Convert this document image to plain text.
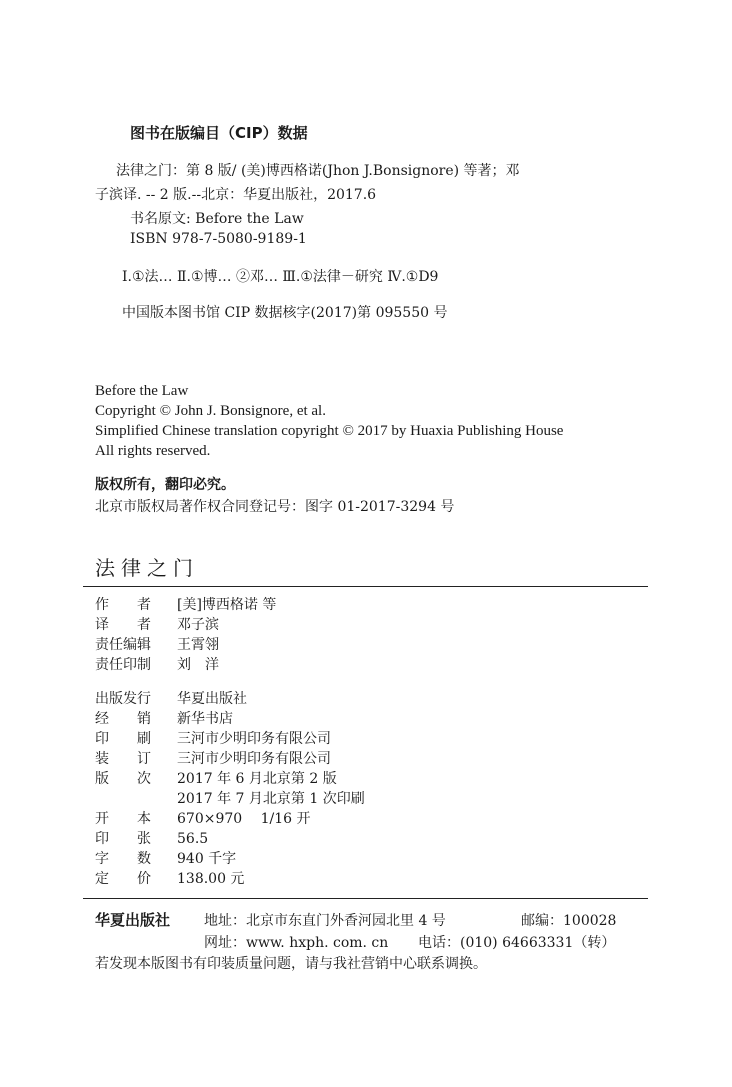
图书在版编目（CIP）数据
法律之门：第 8 版/ (美)博西格诺(Jhon J.Bonsignore) 等著；邓
子滨译. -- 2 版.--北京：华夏出版社，2017.6
书名原文: Before the Law
ISBN 978-7-5080-9189-1
Ⅰ.①法… Ⅱ.①博… ②邓… Ⅲ.①法律－研究 Ⅳ.①D9
中国版本图书馆 CIP 数据核字(2017)第 095550 号
Before the Law
Copyright © John J. Bonsignore, et al.
Simplified Chinese translation copyright © 2017 by Huaxia Publishing House
All rights reserved.
版权所有，翻印必究。
北京市版权局著作权合同登记号：图字 01-2017-3294 号
法律之门
作　　者 [美]博西格诺 等
译　　者 邓子滨
责任编辑 王霄翎
责任印制 刘　洋
出版发行 华夏出版社
经　　销 新华书店
印　　刷 三河市少明印务有限公司
装　　订 三河市少明印务有限公司
版　　次 2017 年 6 月北京第 2 版
2017 年 7 月北京第 1 次印刷
开　　本 670×970　 1/16 开
印　　张 56.5
字　　数 940 千字
定　　价 138.00 元
华夏出版社 地址：北京市东直门外香河园北里 4 号	邮编：100028
网址：www. hxph. com. cn 电话：(010) 64663331（转）
若发现本版图书有印装质量问题，请与我社营销中心联系调换。
